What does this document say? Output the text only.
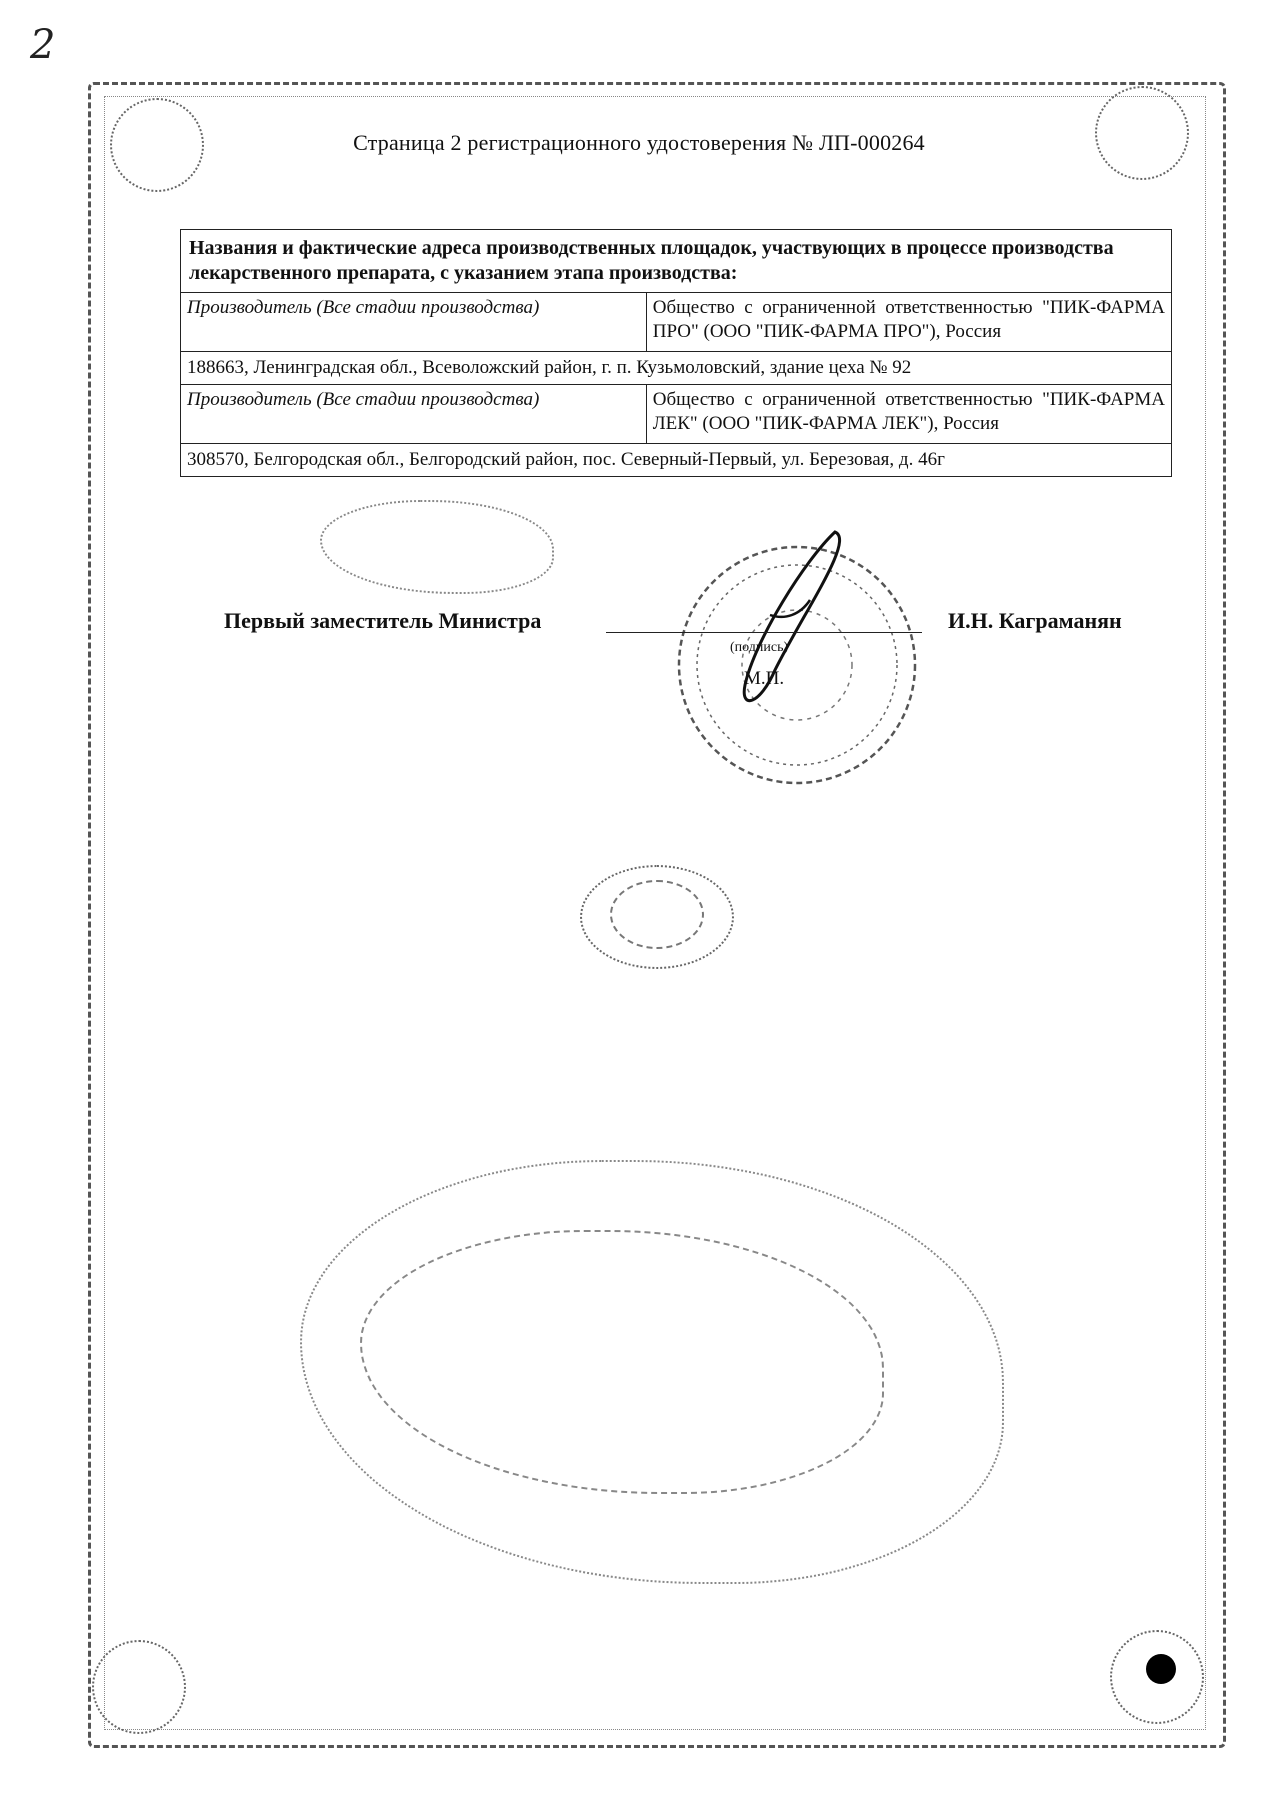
2
Страница 2 регистрационного удостоверения № ЛП-000264
Названия и фактические адреса производственных площадок, участвующих в процессе производства лекарственного препарата, с указанием этапа производства:	
Производитель (Все стадии производства)	Общество с ограниченной ответственностью "ПИК-ФАРМА ПРО" (ООО "ПИК-ФАРМА ПРО"), Россия
188663, Ленинградская обл., Всеволожский район, г. п. Кузьмоловский, здание цеха № 92	
Производитель (Все стадии производства)	Общество с ограниченной ответственностью "ПИК-ФАРМА ЛЕК" (ООО "ПИК-ФАРМА ЛЕК"), Россия
308570, Белгородская обл., Белгородский район, пос. Северный-Первый, ул. Березовая, д. 46г	
Первый заместитель Министра	И.Н. Каграманян
(подпись)
М.П.
